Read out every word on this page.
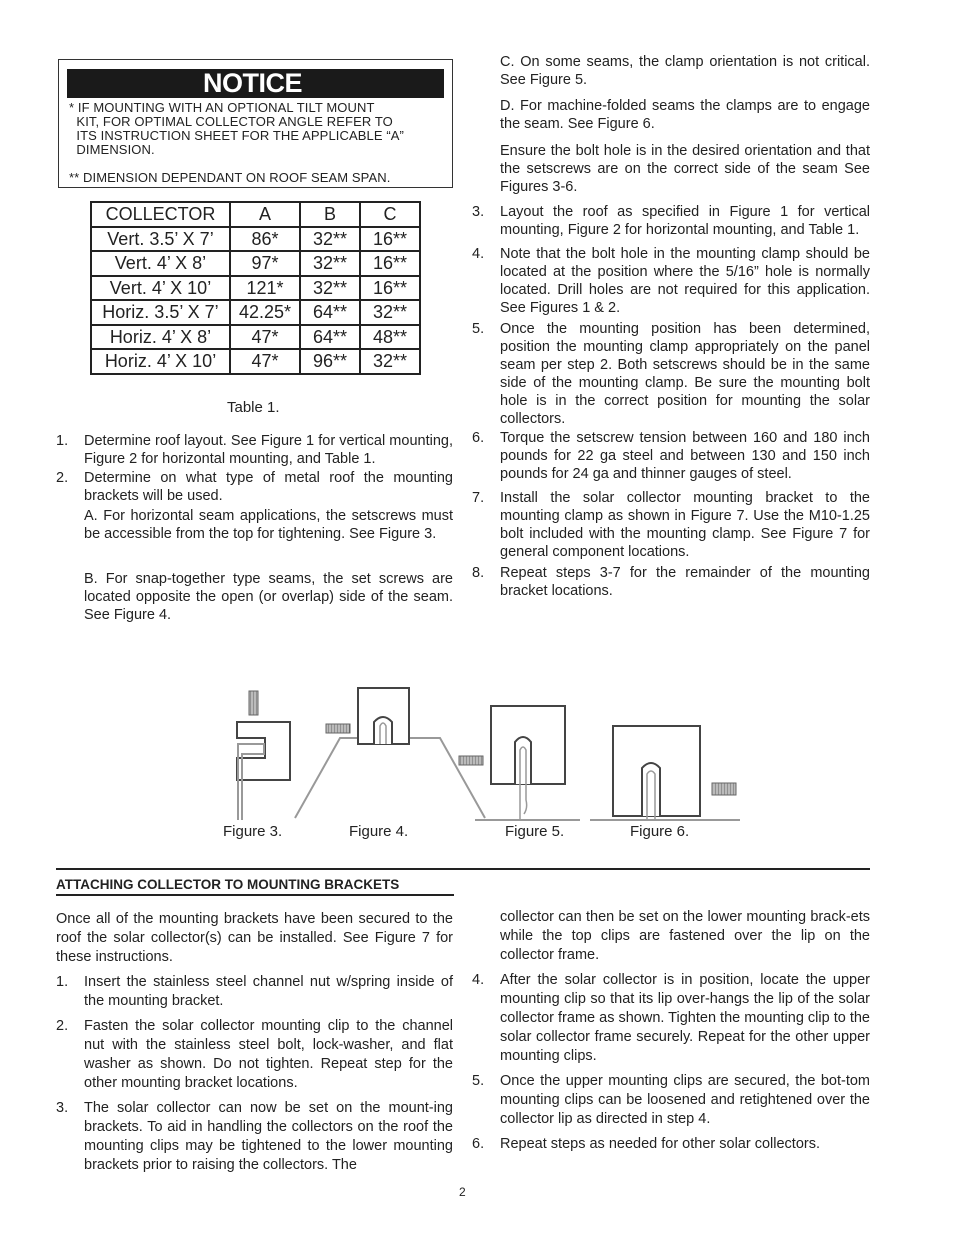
NOTICE
* IF MOUNTING WITH AN OPTIONAL TILT MOUNT
KIT, FOR OPTIMAL COLLECTOR ANGLE REFER TO
ITS INSTRUCTION SHEET FOR THE APPLICABLE “A”
DIMENSION.
** DIMENSION DEPENDANT ON ROOF SEAM SPAN.
COLLECTOR	A	B	C
Vert. 3.5’ X 7’	86*	32**	16**
Vert. 4’ X 8’	97*	32**	16**
Vert. 4’ X 10’	121*	32**	16**
Horiz. 3.5’ X 7’	42.25*	64**	32**
Horiz. 4’ X 8’	47*	64**	48**
Horiz. 4’ X 10’	47*	96**	32**
Table 1.
1. Determine roof layout. See Figure 1 for vertical mounting, Figure 2 for horizontal mounting, and Table 1.
2. Determine on what type of metal roof the mounting brackets will be used.
A. For horizontal seam applications, the setscrews must be accessible from the top for tightening. See Figure 3.
B. For snap-together type seams, the set screws are located opposite the open (or overlap) side of the seam. See Figure 4.
C. On some seams, the clamp orientation is not critical. See Figure 5.
D. For machine-folded seams the clamps are to engage the seam. See Figure 6.
Ensure the bolt hole is in the desired orientation and that the setscrews are on the correct side of the seam See Figures 3-6.
3. Layout the roof as specified in Figure 1 for vertical mounting, Figure 2 for horizontal mounting, and Table 1.
4. Note that the bolt hole in the mounting clamp should be located at the position where the 5/16” hole is normally located. Drill holes are not required for this application. See Figures 1 & 2.
5. Once the mounting position has been determined, position the mounting clamp appropriately on the panel seam per step 2. Both setscrews should be in the same side of the mounting clamp. Be sure the mounting bolt hole is in the correct position for mounting the solar collectors.
6. Torque the setscrew tension between 160 and 180 inch pounds for 22 ga steel and between 130 and 150 inch pounds for 24 ga and thinner gauges of steel.
7. Install the solar collector mounting bracket to the mounting clamp as shown in Figure 7. Use the M10-1.25 bolt included with the mounting clamp. See Figure 7 for general component locations.
8. Repeat steps 3-7 for the remainder of the mounting bracket locations.
Figure 3.	Figure 4.	Figure 5.	Figure 6.
ATTACHING COLLECTOR TO MOUNTING BRACKETS
Once all of the mounting brackets have been secured to the roof the solar collector(s) can be installed. See Figure 7 for these instructions.
1. Insert the stainless steel channel nut w/spring inside of the mounting bracket.
2. Fasten the solar collector mounting clip to the channel nut with the stainless steel bolt, lock-washer, and flat washer as shown. Do not tighten. Repeat step for the other mounting bracket locations.
3. The solar collector can now be set on the mount-ing brackets. To aid in handling the collectors on the roof the mounting clips may be tightened to the lower mounting brackets prior to raising the collectors. The
collector can then be set on the lower mounting brack-ets while the top clips are fastened over the lip on the collector frame.
4. After the solar collector is in position, locate the upper mounting clip so that its lip over-hangs the lip of the solar collector frame as shown. Tighten the mounting clip to the solar collector frame securely. Repeat for the other upper mounting clips.
5. Once the upper mounting clips are secured, the bot-tom mounting clips can be loosened and retightened over the collector lip as directed in step 4.
6. Repeat steps as needed for other solar collectors.
2
